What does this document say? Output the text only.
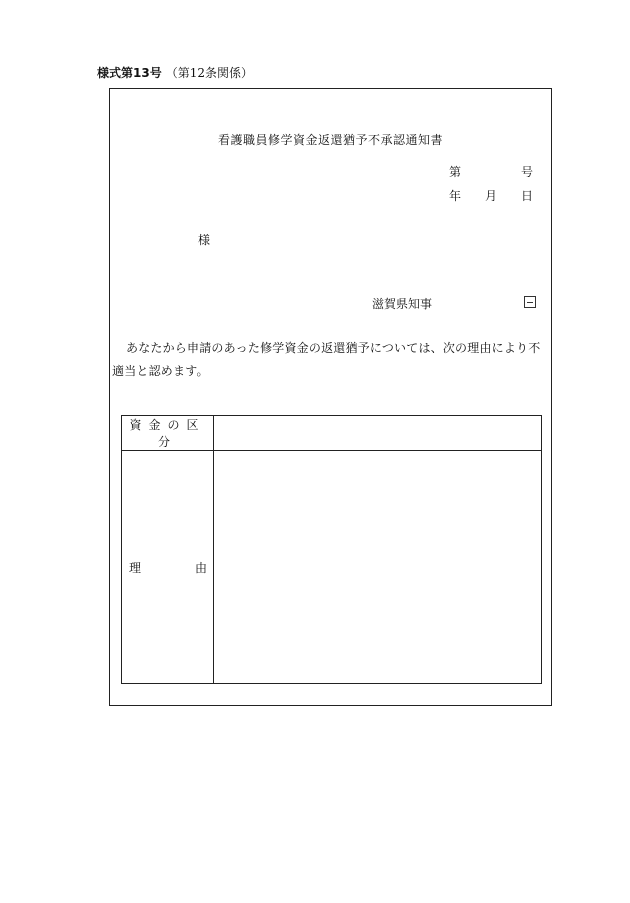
様式第13号 （第12条関係）
看護職員修学資金返還猶予不承認通知書
第	号
年 月 日
様
滋賀県知事
あなたから申請のあった修学資金の返還猶予については、次の理由により不適当と認めます。
資金の区分	

理 由	
